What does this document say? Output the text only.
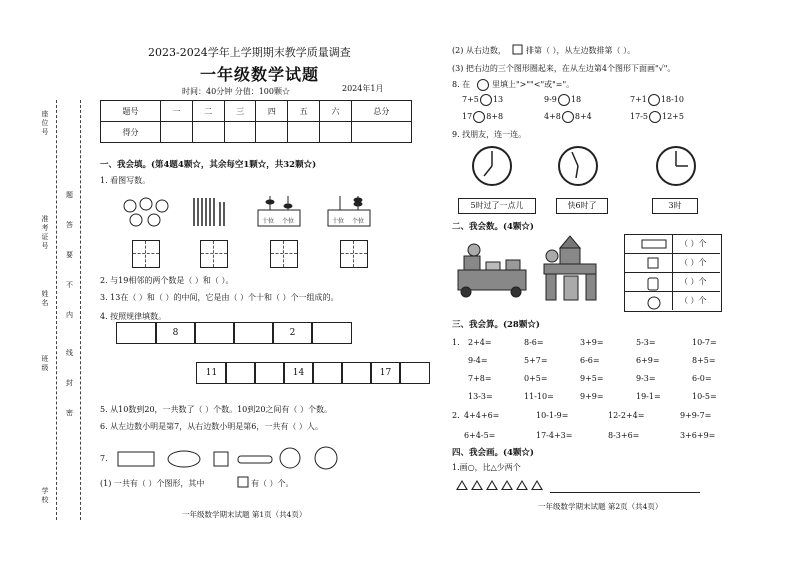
座位号
准考证号
姓名
班级
学校
题
答
要
不
内
线
封
密
2023-2024学年上学期期末教学质量调查
一年级数学试题
时间：40分钟 分值：100颗☆	2024年1月
题号	一	二	三	四	五	六	总分
得分							
一、我会填。(第4题4颗☆，其余每空1颗☆，共32颗☆)
1. 看图写数。
十位 个位	十位 个位
2. 与19相邻的两个数是（ ）和（ ）。
3. 13在（ ）和（ ）的中间，它是由（ ）个十和（ ）个一组成的。
4. 按照规律填数。
8	2
11	14	17
5. 从10数到20，一共数了（ ）个数。10到20之间有（ ）个数。
6. 从左边数小明是第7，从右边数小明是第6，一共有（ ）人。
7.
(1) 一共有（ ）个图形，其中	有（ ）个。
一年级数学期末试题 第1页（共4页）
(2) 从右边数，	排第（ ），从左边数排第（ ）。
(3) 把右边的三个图形圈起来，在从左边第4个图形下面画"√"。
8. 在	里填上">""<"或"="。
7+5 13	9-9 18	7+1 18-10
17 8+8	4+8 8+4	17-5 12+5
9. 找朋友，连一连。
5时过了一点儿	快6时了	3时
二、我会数。(4颗☆)
（ ）个
（ ）个
（ ）个
（ ）个
三、我会算。(28颗☆)
1. 2+4=	8-6=	3+9=	5-3=	10-7=
9-4=	5+7=	6-6=	6+9=	8+5=
7+8=	0+5=	9+5=	9-3=	6-0=
13-3=	11-10=	9+9=	19-1=	10-5=
2. 4+4+6=	10-1-9=	12-2+4=	9+9-7=
6+4-5=	17-4+3=	8-3+6=	3+6+9=
四、我会画。(4颗☆)
1.画○，比△少两个
一年级数学期末试题 第2页（共4页）
